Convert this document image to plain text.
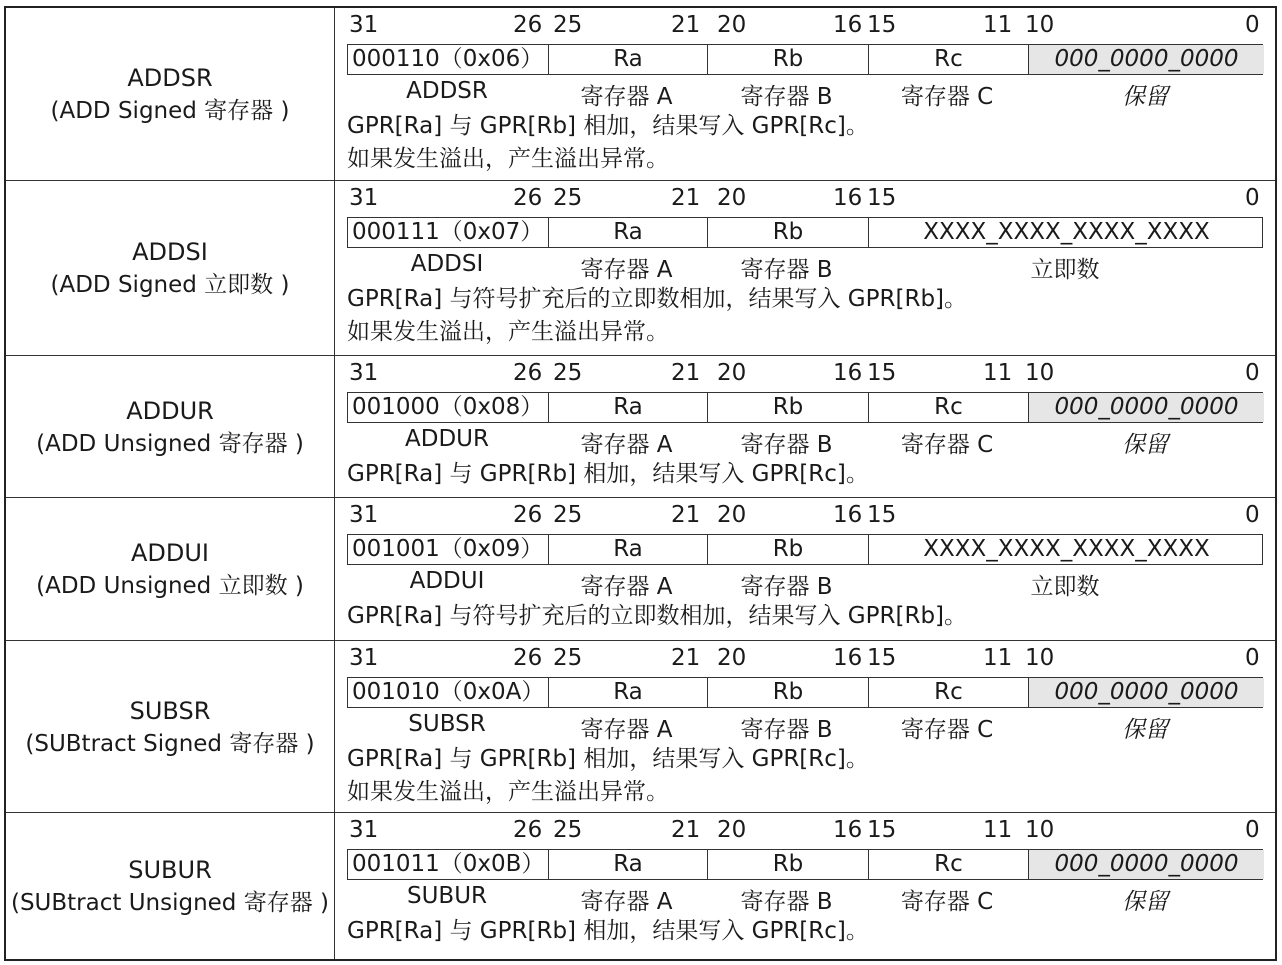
ADDSR
(ADD Signed 寄存器 )
31	26 25	21 20	16 15	11 10	0
000110（0x06）	Ra	Rb	Rc	000_0000_0000
ADDSR	寄存器 A	寄存器 B	寄存器 C	保留
GPR[Ra] 与 GPR[Rb] 相加，结果写入 GPR[Rc]。
如果发生溢出，产生溢出异常。
ADDSI
(ADD Signed 立即数 )
31	26 25	21 20	16 15	0
000111（0x07）	Ra	Rb	XXXX_XXXX_XXXX_XXXX
ADDSI	寄存器 A	寄存器 B	立即数
GPR[Ra] 与符号扩充后的立即数相加，结果写入 GPR[Rb]。
如果发生溢出，产生溢出异常。
ADDUR
(ADD Unsigned 寄存器 )
31	26 25	21 20	16 15	11 10	0
001000（0x08）	Ra	Rb	Rc	000_0000_0000
ADDUR	寄存器 A	寄存器 B	寄存器 C	保留
GPR[Ra] 与 GPR[Rb] 相加，结果写入 GPR[Rc]。
ADDUI
(ADD Unsigned 立即数 )
31	26 25	21 20	16 15	0
001001（0x09）	Ra	Rb	XXXX_XXXX_XXXX_XXXX
ADDUI	寄存器 A	寄存器 B	立即数
GPR[Ra] 与符号扩充后的立即数相加，结果写入 GPR[Rb]。
SUBSR
(SUBtract Signed 寄存器 )
31	26 25	21 20	16 15	11 10	0
001010（0x0A）	Ra	Rb	Rc	000_0000_0000
SUBSR	寄存器 A	寄存器 B	寄存器 C	保留
GPR[Ra] 与 GPR[Rb] 相加，结果写入 GPR[Rc]。
如果发生溢出，产生溢出异常。
SUBUR
(SUBtract Unsigned 寄存器 )
31	26 25	21 20	16 15	11 10	0
001011（0x0B）	Ra	Rb	Rc	000_0000_0000
SUBUR	寄存器 A	寄存器 B	寄存器 C	保留
GPR[Ra] 与 GPR[Rb] 相加，结果写入 GPR[Rc]。
